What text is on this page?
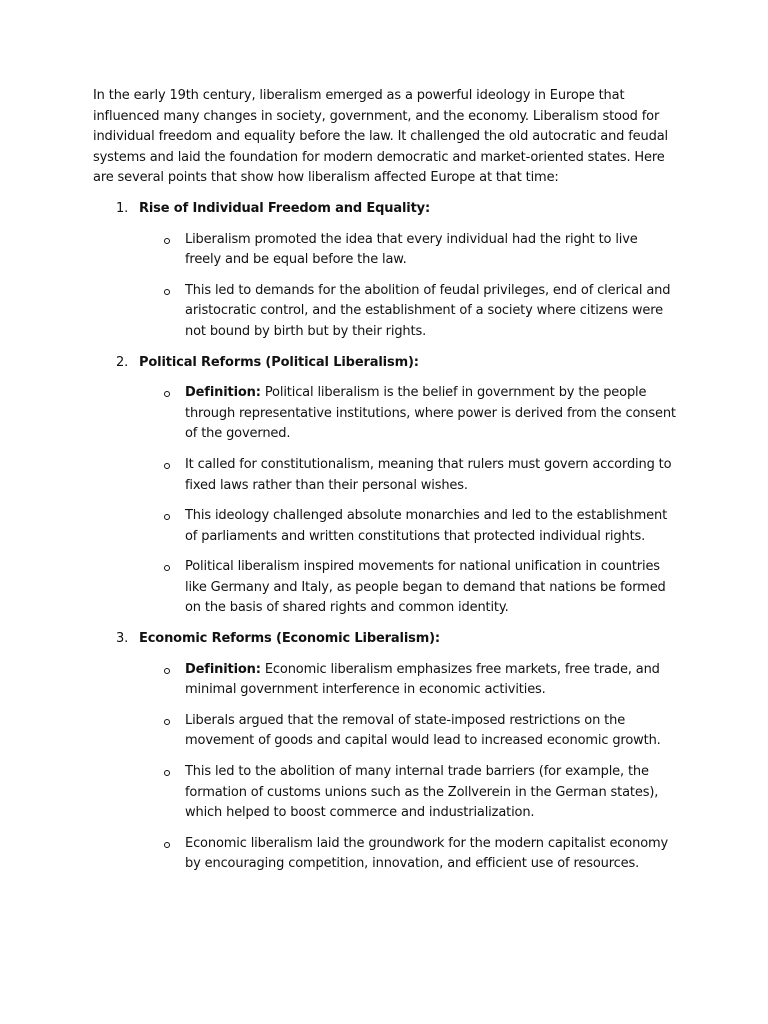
In the early 19th century, liberalism emerged as a powerful ideology in Europe that influenced many changes in society, government, and the economy. Liberalism stood for individual freedom and equality before the law. It challenged the old autocratic and feudal systems and laid the foundation for modern democratic and market-oriented states. Here are several points that show how liberalism affected Europe at that time:

1. Rise of Individual Freedom and Equality:
Liberalism promoted the idea that every individual had the right to live freely and be equal before the law.
This led to demands for the abolition of feudal privileges, end of clerical and aristocratic control, and the establishment of a society where citizens were not bound by birth but by their rights.
2. Political Reforms (Political Liberalism):
Definition: Political liberalism is the belief in government by the people through representative institutions, where power is derived from the consent of the governed.
It called for constitutionalism, meaning that rulers must govern according to fixed laws rather than their personal wishes.
This ideology challenged absolute monarchies and led to the establishment of parliaments and written constitutions that protected individual rights.
Political liberalism inspired movements for national unification in countries like Germany and Italy, as people began to demand that nations be formed on the basis of shared rights and common identity.
3. Economic Reforms (Economic Liberalism):
Definition: Economic liberalism emphasizes free markets, free trade, and minimal government interference in economic activities.
Liberals argued that the removal of state-imposed restrictions on the movement of goods and capital would lead to increased economic growth.
This led to the abolition of many internal trade barriers (for example, the formation of customs unions such as the Zollverein in the German states), which helped to boost commerce and industrialization.
Economic liberalism laid the groundwork for the modern capitalist economy by encouraging competition, innovation, and efficient use of resources.
